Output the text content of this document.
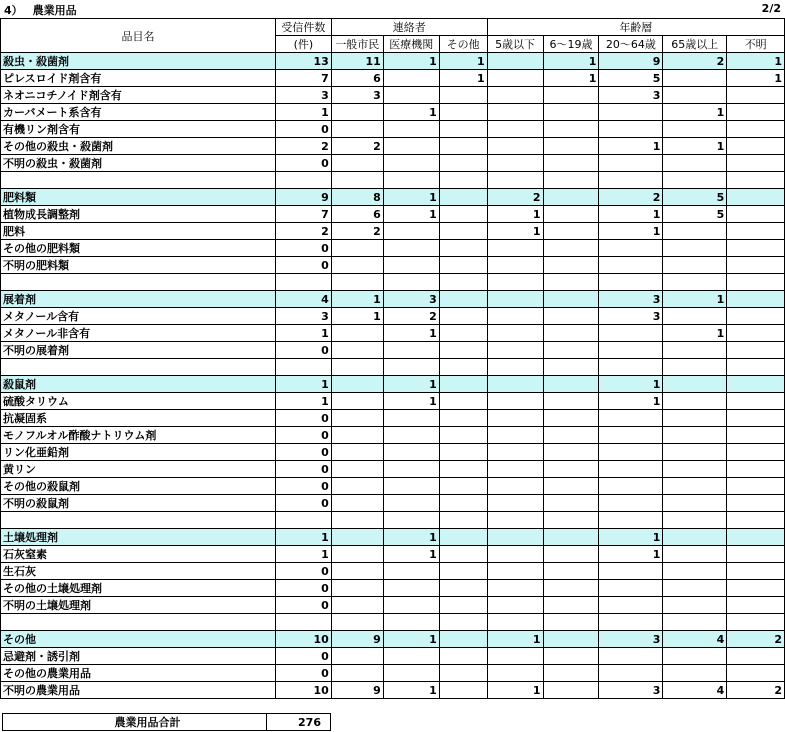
4） 農業用品	2/2
品目名	受信件数	連絡者			年齢層				
	(件)	一般市民	医療機関	その他	5歳以下	6～19歳	20～64歳	65歳以上	不明
殺虫・殺菌剤	13	11	1	1		1	9	2	1
ピレスロイド剤含有	7	6		1		1	5		1
ネオニコチノイド剤含有	3	3					3		
カーバメート系含有	1		1					1	
有機リン剤含有	0								
その他の殺虫・殺菌剤	2	2					1	1	
不明の殺虫・殺菌剤	0								

肥料類	9	8	1		2		2	5	
植物成長調整剤	7	6	1		1		1	5	
肥料	2	2			1		1		
その他の肥料類	0								
不明の肥料類	0								

展着剤	4	1	3				3	1	
メタノール含有	3	1	2				3		
メタノール非含有	1		1					1	
不明の展着剤	0								

殺鼠剤	1		1				1		
硫酸タリウム	1		1				1		
抗凝固系	0								
モノフルオル酢酸ナトリウム剤	0								
リン化亜鉛剤	0								
黄リン	0								
その他の殺鼠剤	0								
不明の殺鼠剤	0								

土壌処理剤	1		1				1		
石灰窒素	1		1				1		
生石灰	0								
その他の土壌処理剤	0								
不明の土壌処理剤	0								

その他	10	9	1		1		3	4	2
忌避剤・誘引剤	0								
その他の農業用品	0								
不明の農業用品	10	9	1		1		3	4	2
農業用品合計	276
